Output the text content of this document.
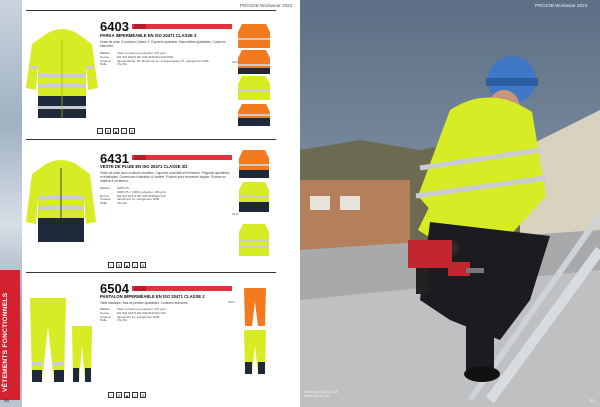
VÊTEMENTS FONCTIONNELS
PROJOB Workwear 2023
90
6403
PARKA IMPERMÉABLE EN ISO 20471 CLASSE 3
Veste de pluie 3 coutures Classe 3. Capuche ajustable. Manchettes ajustables. Coutures étanches.
Matière Tissu à pointe en polyester, 270 g/m²
Norme	EN ISO 20471 EN 343:2019 EN 343:2019
Couleur Jaune/marine, 40 Jaune/noir 11, orange/marine 27, orange/noir 1095
Taille	XS-4XL
6403
~	✕	▲	○	✕
6431
VESTE DE PLUIE EN ISO 20471 CLASSE 3/2
Veste de pluie avec coutures soudées. Capuche amovible et fermeture. Poignets ajustables et élastiques. Ouvertures d'aération à l'arrière. Poches avec fermeture zippée. Poches en matière à l'extérieur.
Matière 100% PU
100% PU / 100% polyester, 180 g/m²
Norme	EN ISO 20471 EN 343:2019 EN 343
Couleur Jaune/noir 11, orange/noir 1095
Taille	XS-4XL
6431
~	✕	▲	○	✕
6504
PANTALON IMPERMÉABLE EN ISO 20471 CLASSE 2
Taille élastique. Bas de jambes ajustables. Coutures étanches.
Matière Tissu à pointe en polyester, 270 g/m²
Norme	EN ISO 20471 EN 343:2019 EN 343
Couleur Jaune/noir 11, orange/noir 1095
Taille	XS-4XL
6504
~	✕	▲	○	✕
PROJOB Workwear 2023
Veste pluie 6431 p. 45
Veste 6403 p. 44
91
